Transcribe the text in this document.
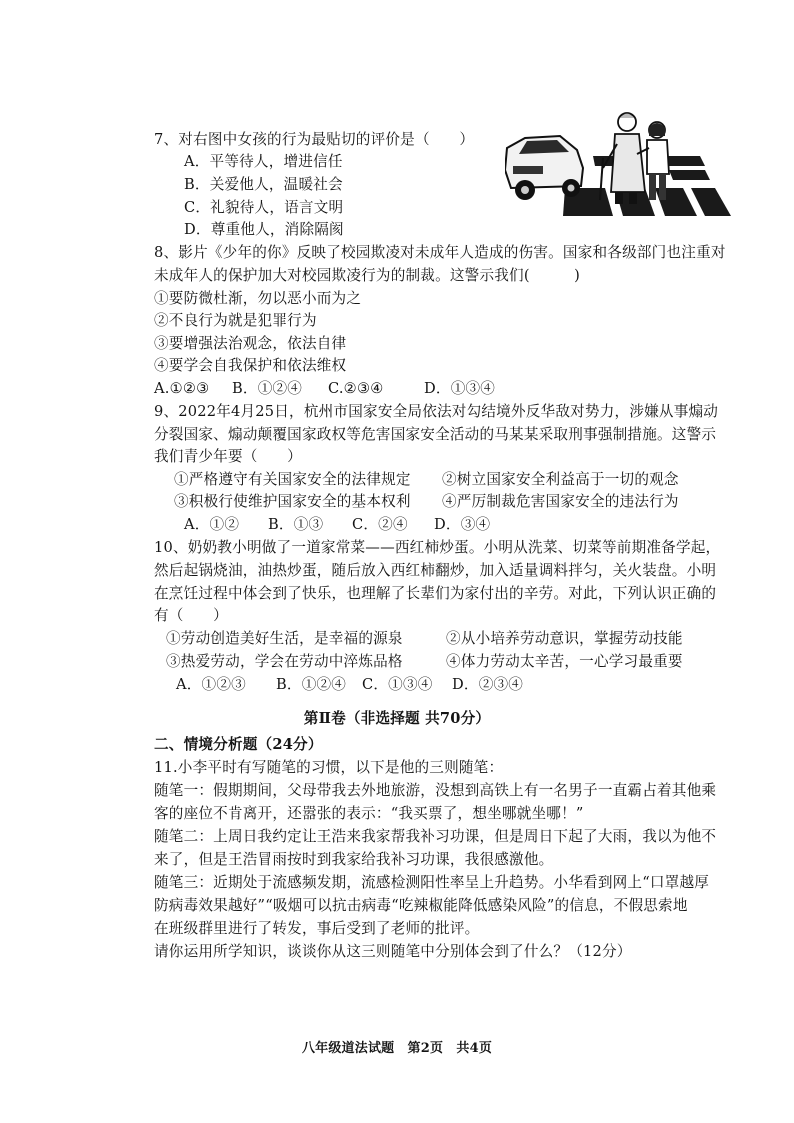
7、对右图中女孩的行为最贴切的评价是（　　）
A．平等待人，增进信任
B．关爱他人，温暖社会
C．礼貌待人，语言文明
D．尊重他人，消除隔阂
8、影片《少年的你》反映了校园欺凌对未成年人造成的伤害。国家和各级部门也注重对
未成年人的保护加大对校园欺凌行为的制裁。这警示我们(　　　)
①要防微杜渐，勿以恶小而为之
②不良行为就是犯罪行为
③要增强法治观念，依法自律
④要学会自我保护和依法维权
A.①②③ B．①②④ C.②③④	D．①③④
9、2022年4月25日，杭州市国家安全局依法对勾结境外反华敌对势力，涉嫌从事煽动
分裂国家、煽动颠覆国家政权等危害国家安全活动的马某某采取刑事强制措施。这警示
我们青少年要（　　）
①严格遵守有关国家安全的法律规定 ②树立国家安全利益高于一切的观念
③积极行使维护国家安全的基本权利 ④严厉制裁危害国家安全的违法行为
A．①② B．①③ C．②④ D．③④
10、奶奶教小明做了一道家常菜——西红柿炒蛋。小明从洗菜、切菜等前期准备学起，
然后起锅烧油，油热炒蛋，随后放入西红柿翻炒，加入适量调料拌匀，关火装盘。小明
在烹饪过程中体会到了快乐，也理解了长辈们为家付出的辛劳。对此，下列认识正确的
有（　　）
①劳动创造美好生活，是幸福的源泉	②从小培养劳动意识，掌握劳动技能
③热爱劳动，学会在劳动中淬炼品格	④体力劳动太辛苦，一心学习最重要
A．①②③ B．①②④ C．①③④ D．②③④
第Ⅱ卷（非选择题 共70分）
二、情境分析题（24分）
11.小李平时有写随笔的习惯，以下是他的三则随笔：
随笔一：假期期间，父母带我去外地旅游，没想到高铁上有一名男子一直霸占着其他乘
客的座位不肯离开，还嚣张的表示：“我买票了，想坐哪就坐哪！”
随笔二：上周日我约定让王浩来我家帮我补习功课，但是周日下起了大雨，我以为他不
来了，但是王浩冒雨按时到我家给我补习功课，我很感激他。
随笔三：近期处于流感频发期，流感检测阳性率呈上升趋势。小华看到网上“口罩越厚
防病毒效果越好”“吸烟可以抗击病毒“吃辣椒能降低感染风险”的信息，不假思索地
在班级群里进行了转发，事后受到了老师的批评。
请你运用所学知识，谈谈你从这三则随笔中分别体会到了什么？（12分）
八年级道法试题　第2页　共4页
